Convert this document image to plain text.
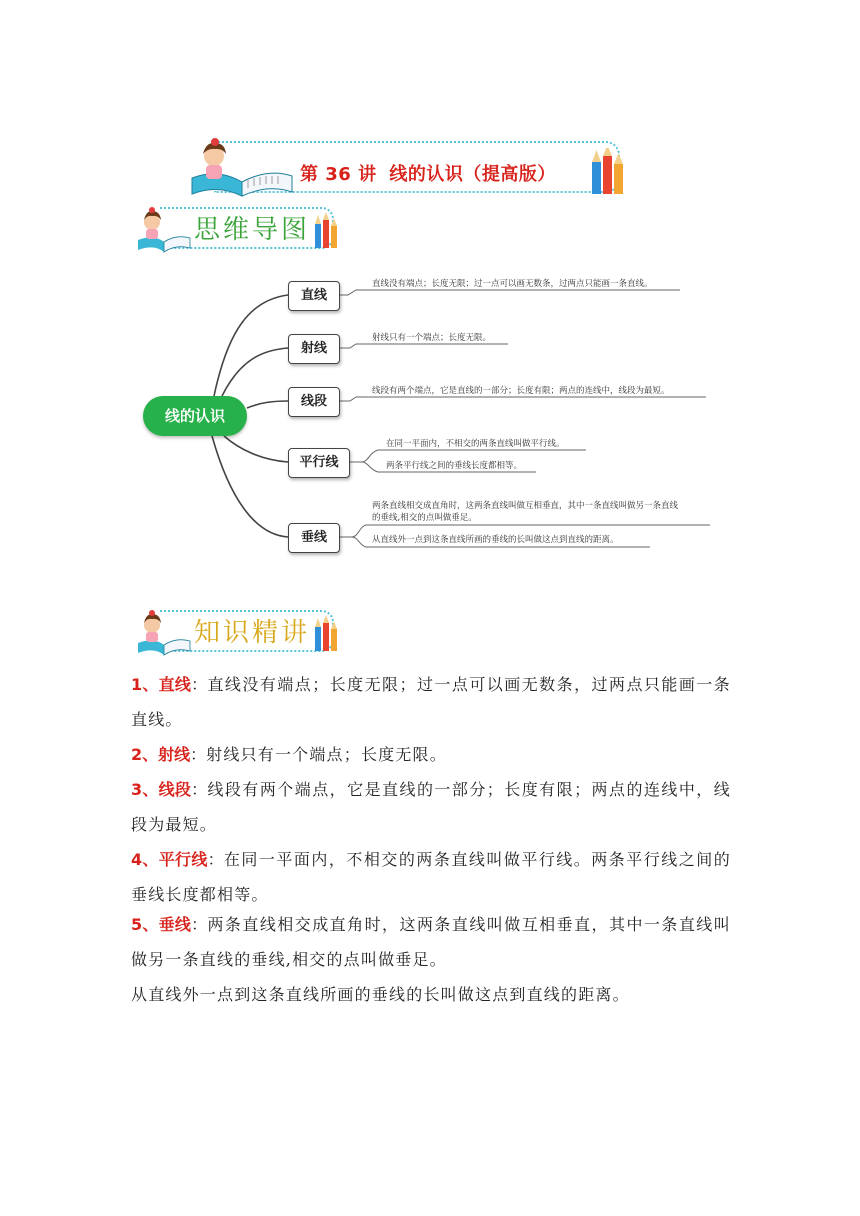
第 36 讲 线的认识（提高版）
思维导图
线的认识
直线
射线
线段
平行线
垂线
直线没有端点；长度无限；过一点可以画无数条，过两点只能画一条直线。
射线只有一个端点；长度无限。
线段有两个端点，它是直线的一部分；长度有限；两点的连线中，线段为最短。
在同一平面内，不相交的两条直线叫做平行线。
两条平行线之间的垂线长度都相等。
两条直线相交成直角时，这两条直线叫做互相垂直，其中一条直线叫做另一条直线
的垂线,相交的点叫做垂足。
从直线外一点到这条直线所画的垂线的长叫做这点到直线的距离。
知识精讲
1、直线：直线没有端点；长度无限；过一点可以画无数条，过两点只能画一条
直线。
2、射线：射线只有一个端点；长度无限。
3、线段：线段有两个端点，它是直线的一部分；长度有限；两点的连线中，线
段为最短。
4、平行线：在同一平面内，不相交的两条直线叫做平行线。两条平行线之间的
垂线长度都相等。
5、垂线：两条直线相交成直角时，这两条直线叫做互相垂直，其中一条直线叫
做另一条直线的垂线,相交的点叫做垂足。
从直线外一点到这条直线所画的垂线的长叫做这点到直线的距离。
